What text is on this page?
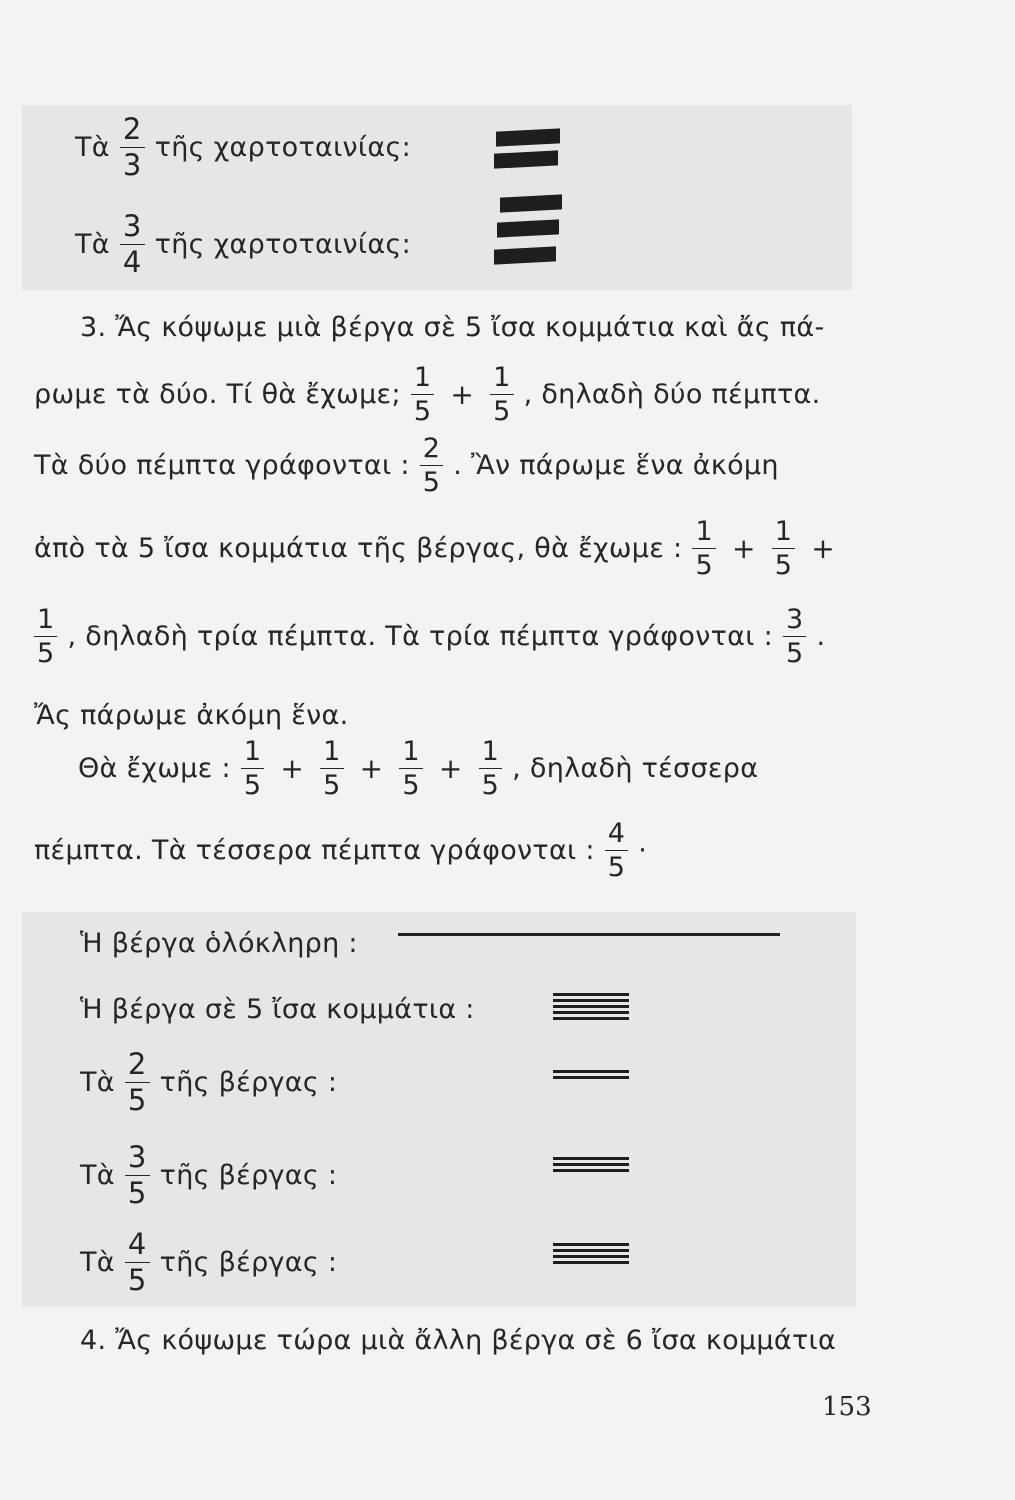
Τὰ $\frac{2}{3}$ τῆς χαρτοταινίας:
Τὰ $\frac{3}{4}$ τῆς χαρτοταινίας:
3. Ἄς κόψωμε μιὰ βέργα σὲ 5 ἴσα κομμάτια καὶ ἄς πά-
ρωμε τὰ δύο. Τί θὰ ἔχωμε; $\frac{1}{5} + \frac{1}{5}$ , δηλαδὴ δύο πέμπτα.
Τὰ δύο πέμπτα γράφονται : $\frac{2}{5}$ . Ἂν πάρωμε ἕνα ἀκόμη
ἀπὸ τὰ 5 ἴσα κομμάτια τῆς βέργας, θὰ ἔχωμε : $\frac{1}{5} + \frac{1}{5}$ +
$\frac{1}{5}$ , δηλαδὴ τρία πέμπτα. Τὰ τρία πέμπτα γράφονται : $\frac{3}{5}$ .
Ἄς πάρωμε ἀκόμη ἕνα.
Θὰ ἔχωμε : $\frac{1}{5} + \frac{1}{5} + \frac{1}{5} + \frac{1}{5}$ , δηλαδὴ τέσσερα
πέμπτα. Τὰ τέσσερα πέμπτα γράφονται : $\frac{4}{5}$ ·
Ἡ βέργα ὁλόκληρη :
Ἡ βέργα σὲ 5 ἴσα κομμάτια :
Τὰ $\frac{2}{5}$ τῆς βέργας :
Τὰ $\frac{3}{5}$ τῆς βέργας :
Τὰ $\frac{4}{5}$ τῆς βέργας :
4. Ἄς κόψωμε τώρα μιὰ ἄλλη βέργα σὲ 6 ἴσα κομμάτια
153
